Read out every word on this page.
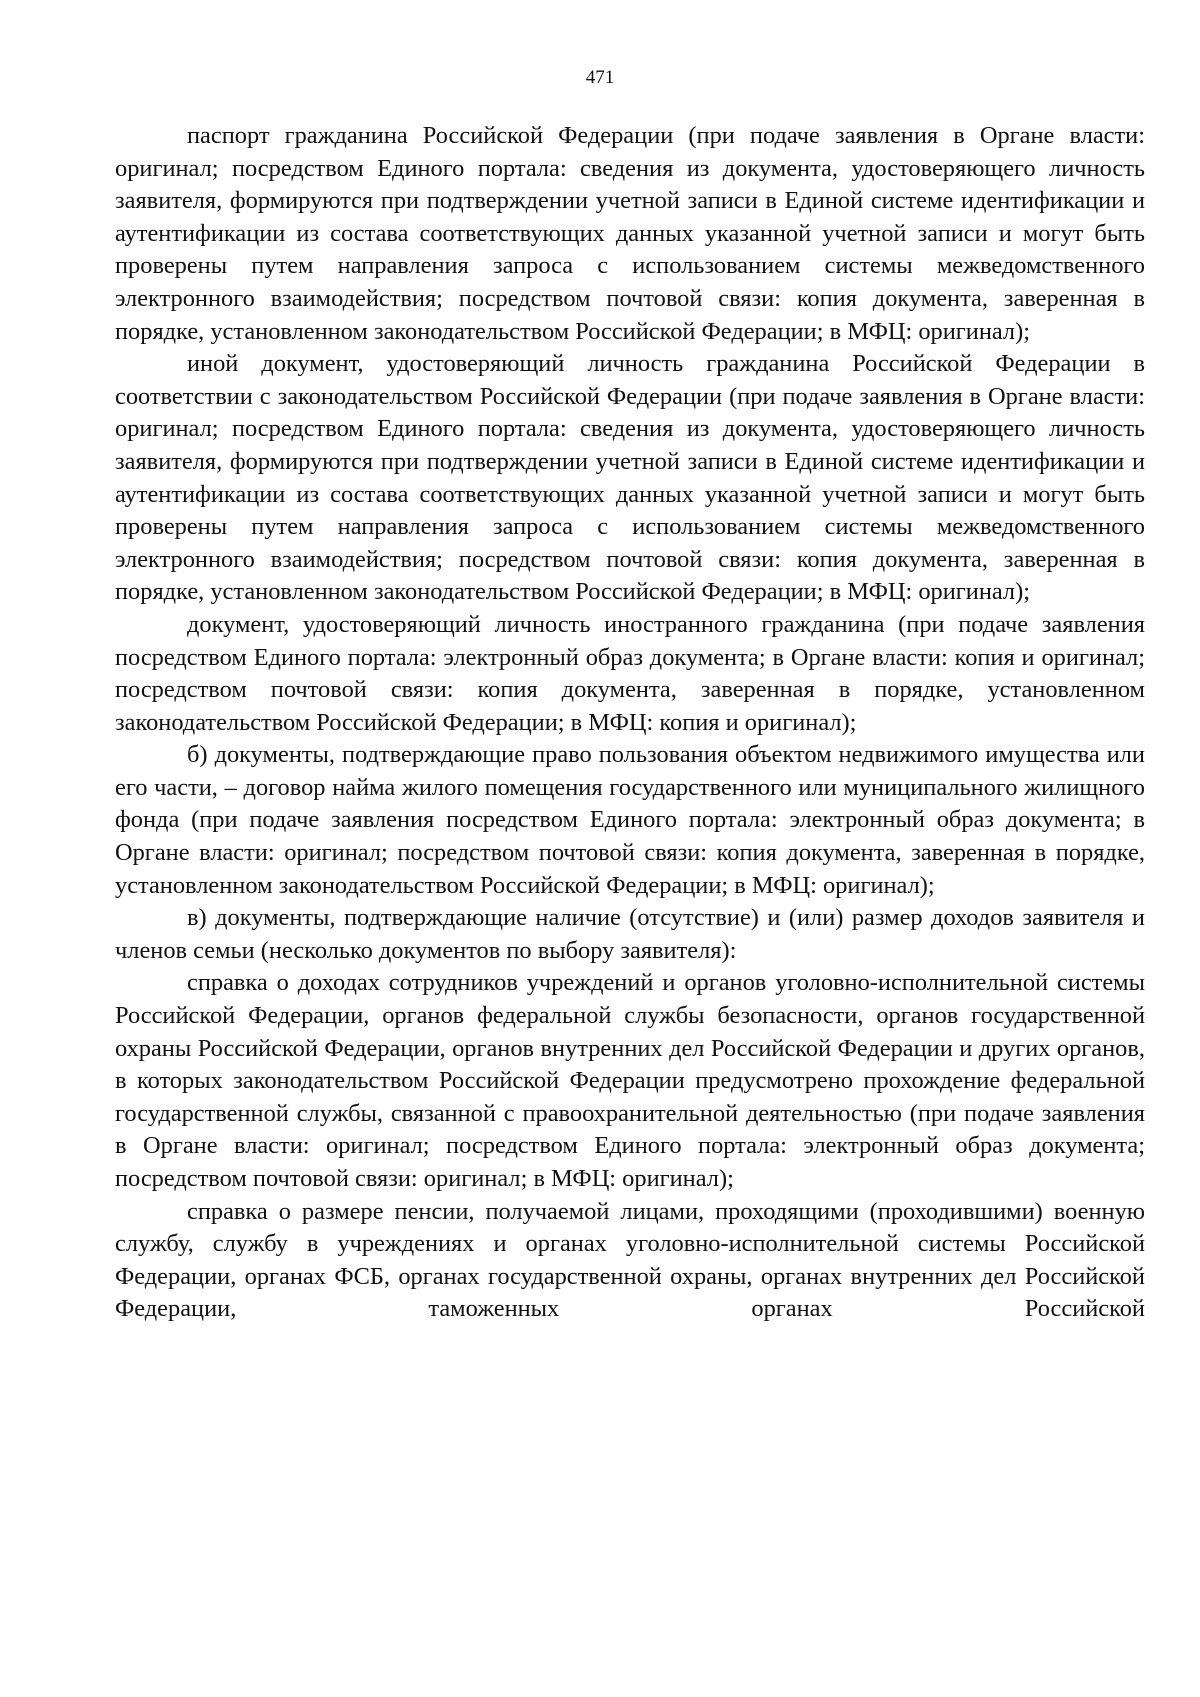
471

паспорт гражданина Российской Федерации (при подаче заявления в Органе власти: оригинал; посредством Единого портала: сведения из документа, удостоверяющего личность заявителя, формируются при подтверждении учетной записи в Единой системе идентификации и аутентификации из состава соответствующих данных указанной учетной записи и могут быть проверены путем направления запроса с использованием системы межведомственного электронного взаимодействия; посредством почтовой связи: копия документа, заверенная в порядке, установленном законодательством Российской Федерации; в МФЦ: оригинал);

иной документ, удостоверяющий личность гражданина Российской Федерации в соответствии с законодательством Российской Федерации (при подаче заявления в Органе власти: оригинал; посредством Единого портала: сведения из документа, удостоверяющего личность заявителя, формируются при подтверждении учетной записи в Единой системе идентификации и аутентификации из состава соответствующих данных указанной учетной записи и могут быть проверены путем направления запроса с использованием системы межведомственного электронного взаимодействия; посредством почтовой связи: копия документа, заверенная в порядке, установленном законодательством Российской Федерации; в МФЦ: оригинал);

документ, удостоверяющий личность иностранного гражданина (при подаче заявления посредством Единого портала: электронный образ документа; в Органе власти: копия и оригинал; посредством почтовой связи: копия документа, заверенная в порядке, установленном законодательством Российской Федерации; в МФЦ: копия и оригинал);

б) документы, подтверждающие право пользования объектом недвижимого имущества или его части, – договор найма жилого помещения государственного или муниципального жилищного фонда (при подаче заявления посредством Единого портала: электронный образ документа; в Органе власти: оригинал; посредством почтовой связи: копия документа, заверенная в порядке, установленном законодательством Российской Федерации; в МФЦ: оригинал);

в) документы, подтверждающие наличие (отсутствие) и (или) размер доходов заявителя и членов семьи (несколько документов по выбору заявителя):

справка о доходах сотрудников учреждений и органов уголовно-исполнительной системы Российской Федерации, органов федеральной службы безопасности, органов государственной охраны Российской Федерации, органов внутренних дел Российской Федерации и других органов, в которых законодательством Российской Федерации предусмотрено прохождение федеральной государственной службы, связанной с правоохранительной деятельностью (при подаче заявления в Органе власти: оригинал; посредством Единого портала: электронный образ документа; посредством почтовой связи: оригинал; в МФЦ: оригинал);

справка о размере пенсии, получаемой лицами, проходящими (проходившими) военную службу, службу в учреждениях и органах уголовно-исполнительной системы Российской Федерации, органах ФСБ, органах государственной охраны, органах внутренних дел Российской Федерации, таможенных органах Российской
